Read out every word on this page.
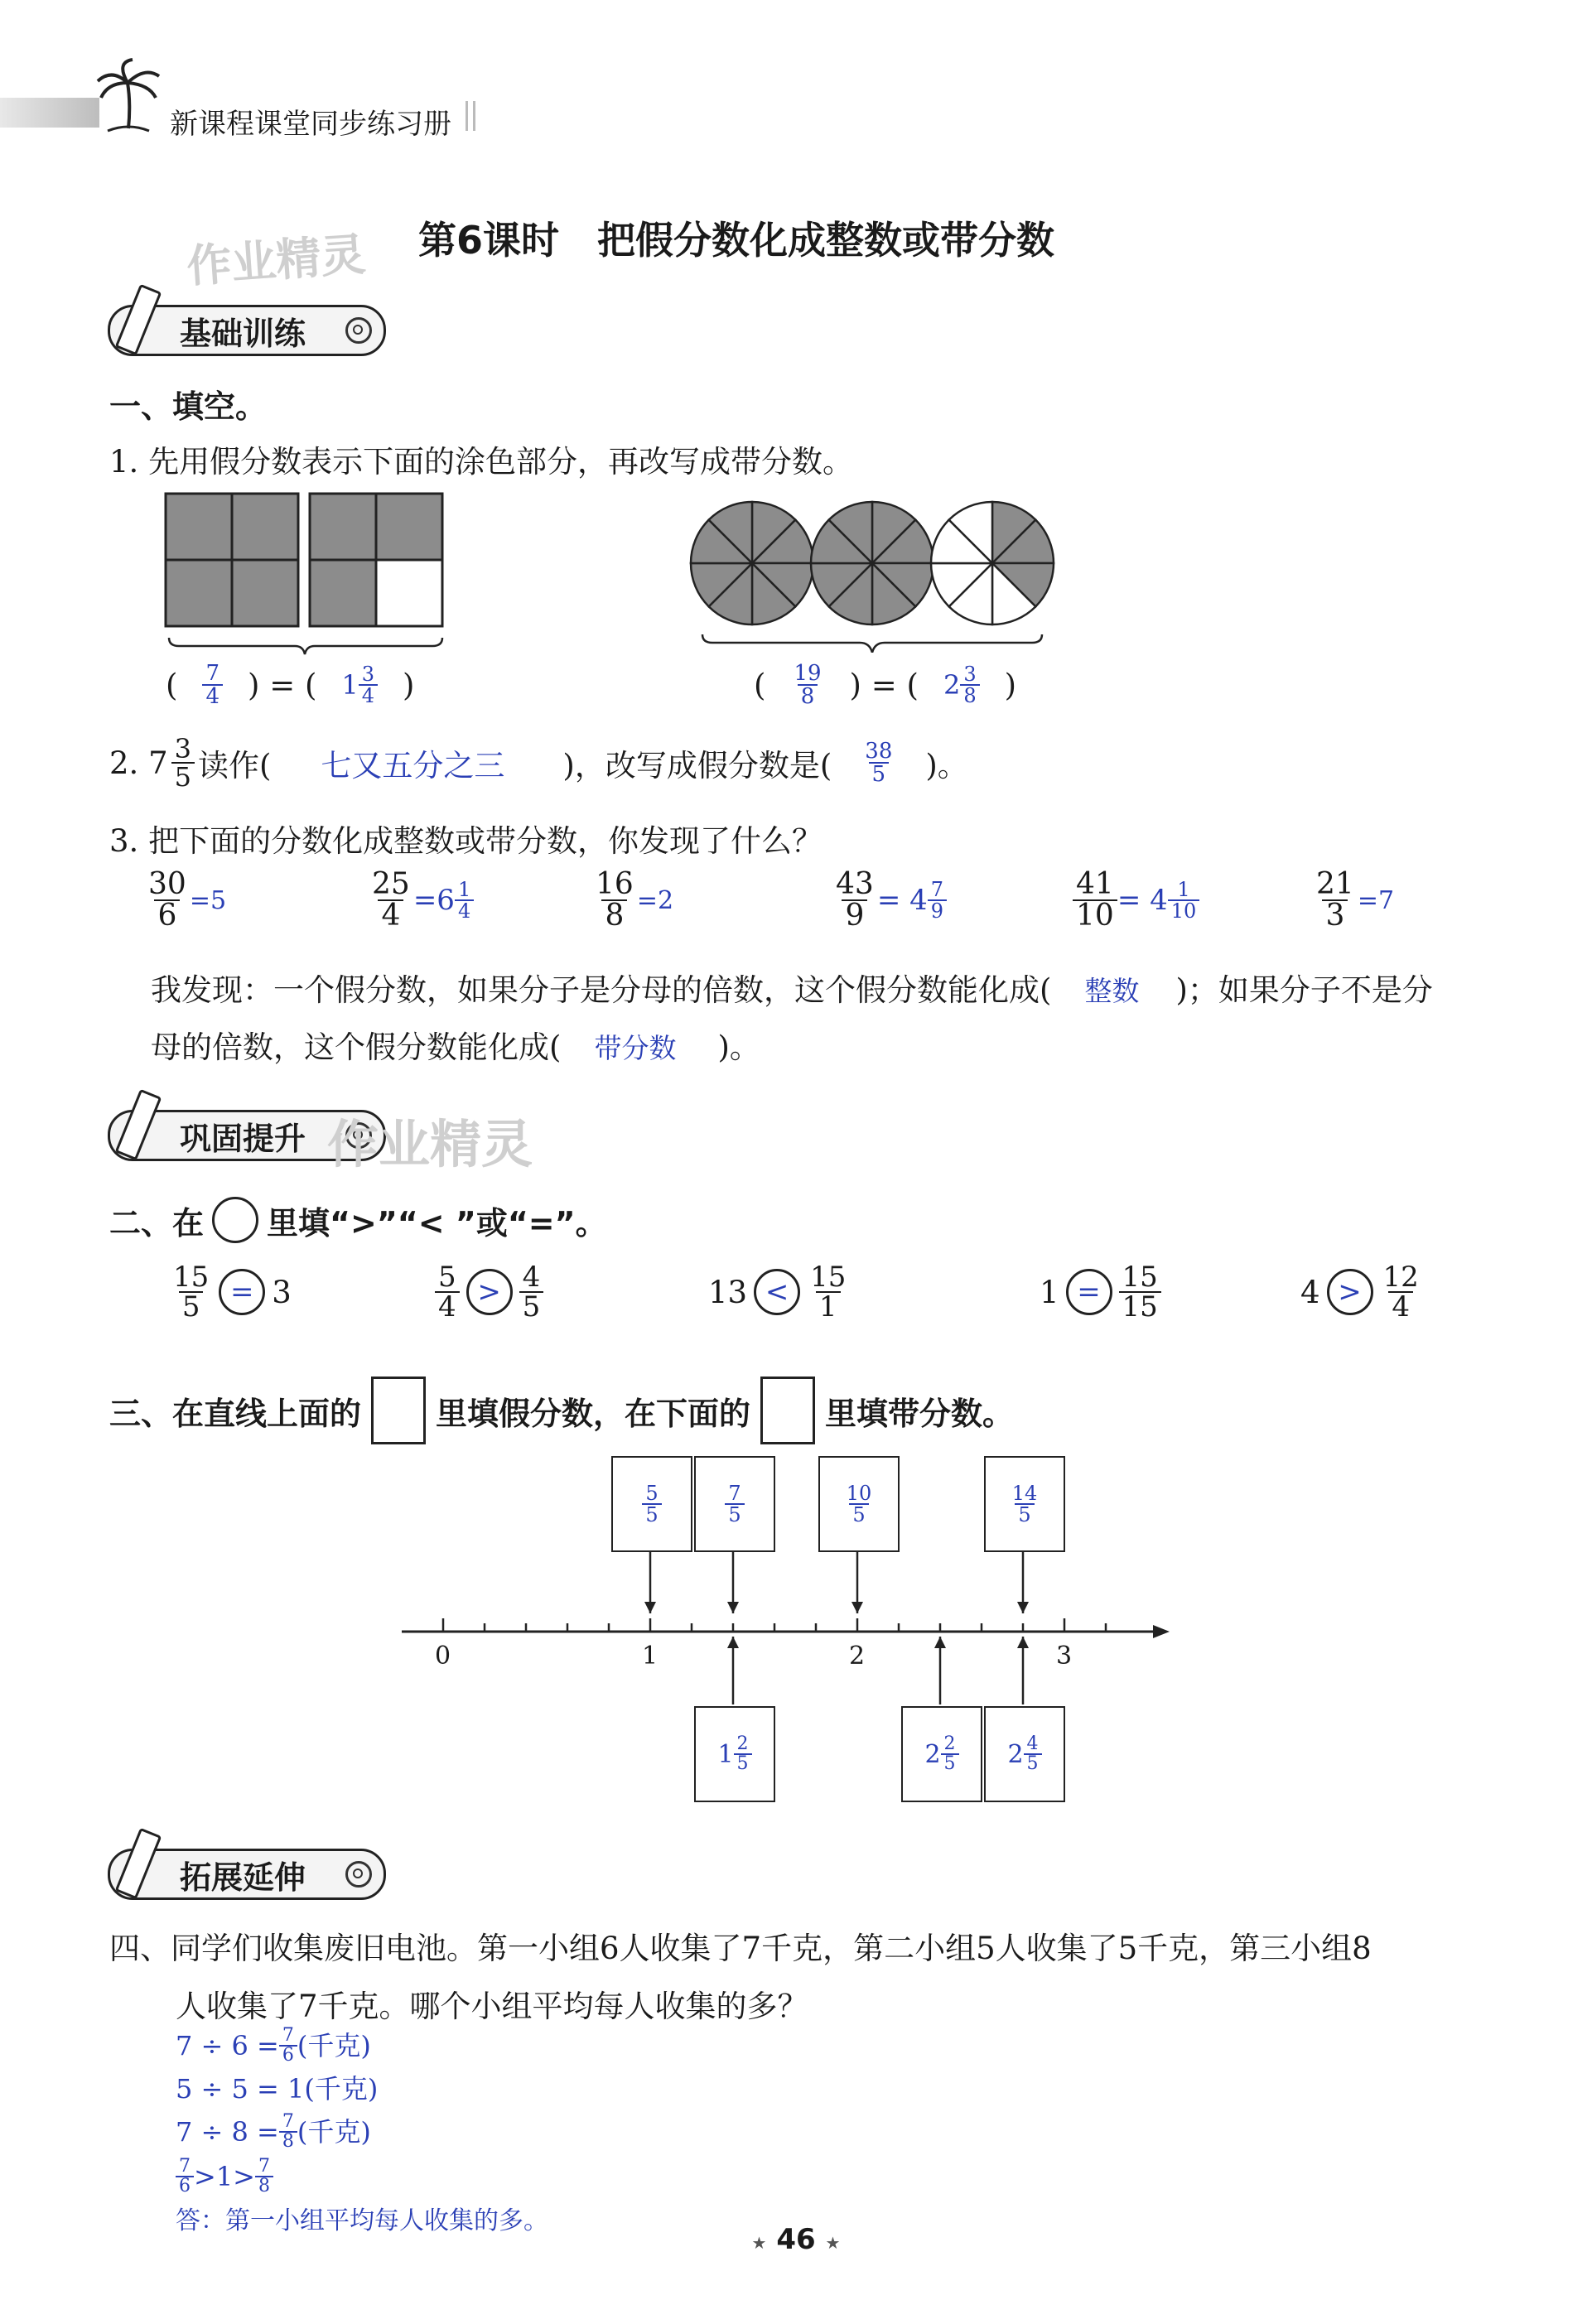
新课程课堂同步练习册
作业精灵 第6课时　把假分数化成整数或带分数
基础训练
一、填空。
1. 先用假分数表示下面的涂色部分，再改写成带分数。
( $\frac{7}{4}$ ) = ( $1 \frac{3}{4}$ )	( $\frac{19}{8}$ ) = ( $2 \frac{3}{8}$ )
2. $7 \frac{3}{5}$ 读作( 七又五分之三 )，改写成假分数是( $\frac{38}{5}$ )。
3. 把下面的分数化成整数或带分数，你发现了什么？
$\frac{30}{6} =5$	$\frac{25}{4} =6 \frac{1}{4}$	$\frac{16}{8} =2$	$\frac{43}{9} = 4 \frac{7}{9}$	$\frac{41}{10} = 4 \frac{1}{10}$	$\frac{21}{3} =7$
我发现：一个假分数，如果分子是分母的倍数，这个假分数能化成( 整数 )；如果分子不是分
母的倍数，这个假分数能化成( 带分数 )。
巩固提升 作业精灵
二、在 里填“>”“< ”或“=”。
$\frac{15}{5} = 3$	$\frac{5}{4} > \frac{4}{5}$	$13 < \frac{15}{1}$	$1 = \frac{15}{15}$	$4 > \frac{12}{4}$
三、在直线上面的 里填假分数，在下面的 里填带分数。
0	1	2	3
$\frac{5}{5}$	$\frac{7}{5}$	$\frac{10}{5}$	$\frac{14}{5}$
$1 \frac{2}{5}$	$2 \frac{2}{5} 2 \frac{4}{5}$
拓展延伸
四、同学们收集废旧电池。第一小组6人收集了7千克，第二小组5人收集了5千克，第三小组8
人收集了7千克。哪个小组平均每人收集的多？
$7 \div 6 = \frac{7}{6}$ (千克)
5 ÷ 5 = 1 (千克)
$7 \div 8 = \frac{7}{8}$ (千克)
$\frac{7}{6} >1> \frac{7}{8}$
答：第一小组平均每人收集的多。
★ 46 ★
